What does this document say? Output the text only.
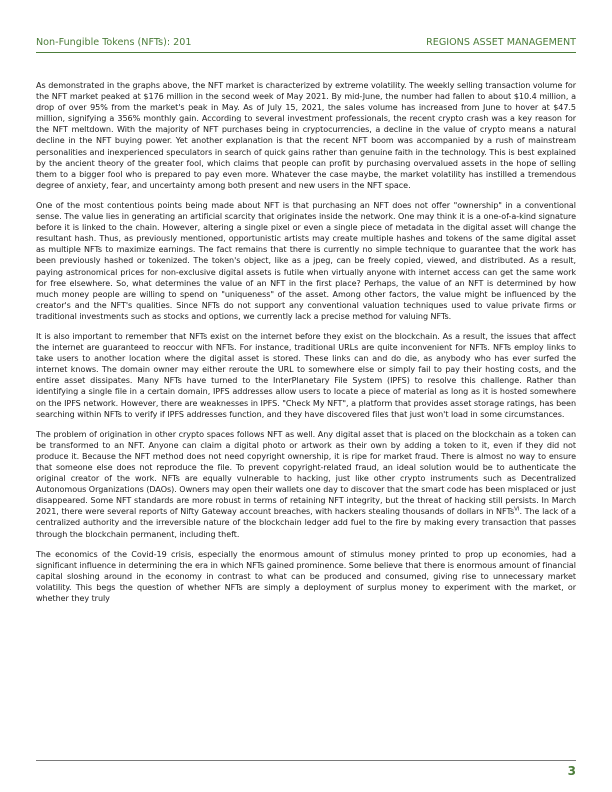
Non-Fungible Tokens (NFTs): 201	REGIONS ASSET MANAGEMENT

As demonstrated in the graphs above, the NFT market is characterized by extreme volatility. The weekly selling transaction volume for the NFT market peaked at $176 million in the second week of May 2021. By mid-June, the number had fallen to about $10.4 million, a drop of over 95% from the market's peak in May. As of July 15, 2021, the sales volume has increased from June to hover at $47.5 million, signifying a 356% monthly gain. According to several investment professionals, the recent crypto crash was a key reason for the NFT meltdown. With the majority of NFT purchases being in cryptocurrencies, a decline in the value of crypto means a natural decline in the NFT buying power. Yet another explanation is that the recent NFT boom was accompanied by a rush of mainstream personalities and inexperienced speculators in search of quick gains rather than genuine faith in the technology. This is best explained by the ancient theory of the greater fool, which claims that people can profit by purchasing overvalued assets in the hope of selling them to a bigger fool who is prepared to pay even more. Whatever the case maybe, the market volatility has instilled a tremendous degree of anxiety, fear, and uncertainty among both present and new users in the NFT space.

One of the most contentious points being made about NFT is that purchasing an NFT does not offer "ownership" in a conventional sense. The value lies in generating an artificial scarcity that originates inside the network. One may think it is a one-of-a-kind signature before it is linked to the chain. However, altering a single pixel or even a single piece of metadata in the digital asset will change the resultant hash. Thus, as previously mentioned, opportunistic artists may create multiple hashes and tokens of the same digital asset as multiple NFTs to maximize earnings. The fact remains that there is currently no simple technique to guarantee that the work has been previously hashed or tokenized. The token's object, like as a jpeg, can be freely copied, viewed, and distributed. As a result, paying astronomical prices for non-exclusive digital assets is futile when virtually anyone with internet access can get the same work for free elsewhere. So, what determines the value of an NFT in the first place? Perhaps, the value of an NFT is determined by how much money people are willing to spend on "uniqueness" of the asset. Among other factors, the value might be influenced by the creator's and the NFT's qualities. Since NFTs do not support any conventional valuation techniques used to value private firms or traditional investments such as stocks and options, we currently lack a precise method for valuing NFTs.

It is also important to remember that NFTs exist on the internet before they exist on the blockchain. As a result, the issues that affect the internet are guaranteed to reoccur with NFTs. For instance, traditional URLs are quite inconvenient for NFTs. NFTs employ links to take users to another location where the digital asset is stored. These links can and do die, as anybody who has ever surfed the internet knows. The domain owner may either reroute the URL to somewhere else or simply fail to pay their hosting costs, and the entire asset dissipates. Many NFTs have turned to the InterPlanetary File System (IPFS) to resolve this challenge. Rather than identifying a single file in a certain domain, IPFS addresses allow users to locate a piece of material as long as it is hosted somewhere on the IPFS network. However, there are weaknesses in IPFS. "Check My NFT", a platform that provides asset storage ratings, has been searching within NFTs to verify if IPFS addresses function, and they have discovered files that just won't load in some circumstances.

The problem of origination in other crypto spaces follows NFT as well. Any digital asset that is placed on the blockchain as a token can be transformed to an NFT. Anyone can claim a digital photo or artwork as their own by adding a token to it, even if they did not produce it. Because the NFT method does not need copyright ownership, it is ripe for market fraud. There is almost no way to ensure that someone else does not reproduce the file. To prevent copyright-related fraud, an ideal solution would be to authenticate the original creator of the work. NFTs are equally vulnerable to hacking, just like other crypto instruments such as Decentralized Autonomous Organizations (DAOs). Owners may open their wallets one day to discover that the smart code has been misplaced or just disappeared. Some NFT standards are more robust in terms of retaining NFT integrity, but the threat of hacking still persists. In March 2021, there were several reports of Nifty Gateway account breaches, with hackers stealing thousands of dollars in NFTs$^{VI}$. The lack of a centralized authority and the irreversible nature of the blockchain ledger add fuel to the fire by making every transaction that passes through the blockchain permanent, including theft.

The economics of the Covid-19 crisis, especially the enormous amount of stimulus money printed to prop up economies, had a significant influence in determining the era in which NFTs gained prominence. Some believe that there is enormous amount of financial capital sloshing around in the economy in contrast to what can be produced and consumed, giving rise to unnecessary market volatility. This begs the question of whether NFTs are simply a deployment of surplus money to experiment with the market, or whether they truly

3
